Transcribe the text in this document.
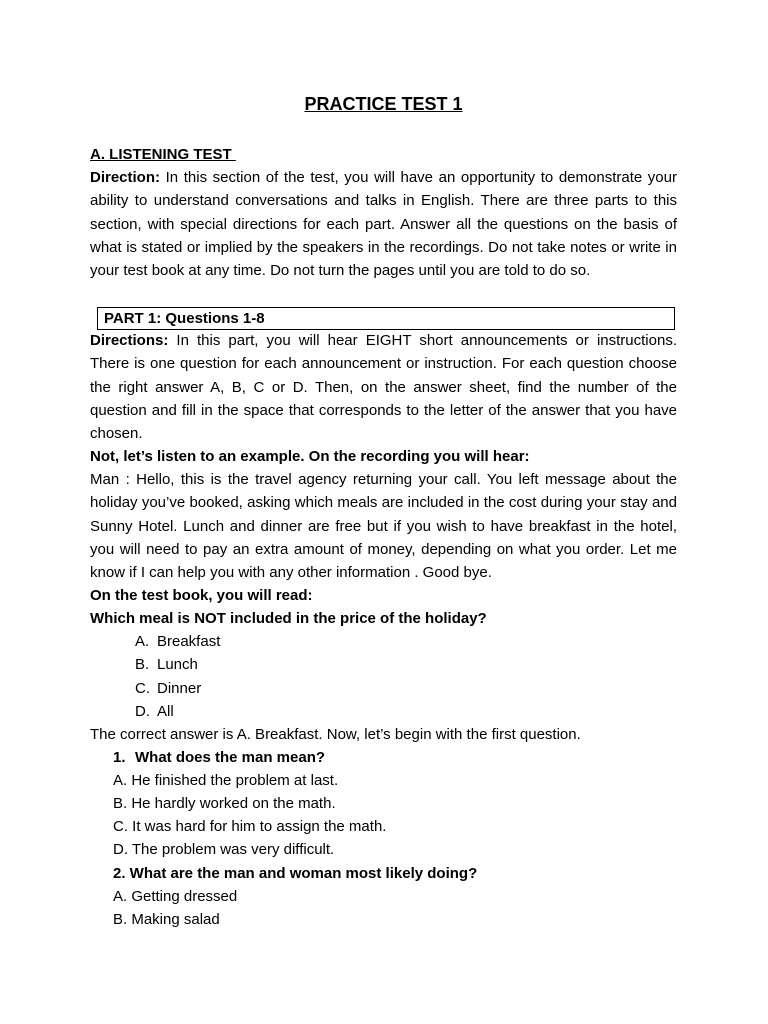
PRACTICE TEST 1
A. LISTENING TEST
Direction: In this section of the test, you will have an opportunity to demonstrate your ability to understand conversations and talks in English. There are three parts to this section, with special directions for each part. Answer all the questions on the basis of what is stated or implied by the speakers in the recordings. Do not take notes or write in your test book at any time. Do not turn the pages until you are told to do so.
PART 1: Questions 1-8
Directions: In this part, you will hear EIGHT short announcements or instructions. There is one question for each announcement or instruction. For each question choose the right answer A, B, C or D. Then, on the answer sheet, find the number of the question and fill in the space that corresponds to the letter of the answer that you have chosen.
Not, let’s listen to an example. On the recording you will hear:
Man : Hello, this is the travel agency returning your call. You left message about the holiday you’ve booked, asking which meals are included in the cost during your stay and Sunny Hotel. Lunch and dinner are free but if you wish to have breakfast in the hotel, you will need to pay an extra amount of money, depending on what you order. Let me know if I can help you with any other information . Good bye.
On the test book, you will read:
Which meal is NOT included in the price of the holiday?
A. Breakfast
B. Lunch
C. Dinner
D. All
The correct answer is A. Breakfast. Now, let’s begin with the first question.
1. What does the man mean?
A. He finished the problem at last.
B. He hardly worked on the math.
C. It was hard for him to assign the math.
D. The problem was very difficult.
2. What are the man and woman most likely doing?
A. Getting dressed
B. Making salad
